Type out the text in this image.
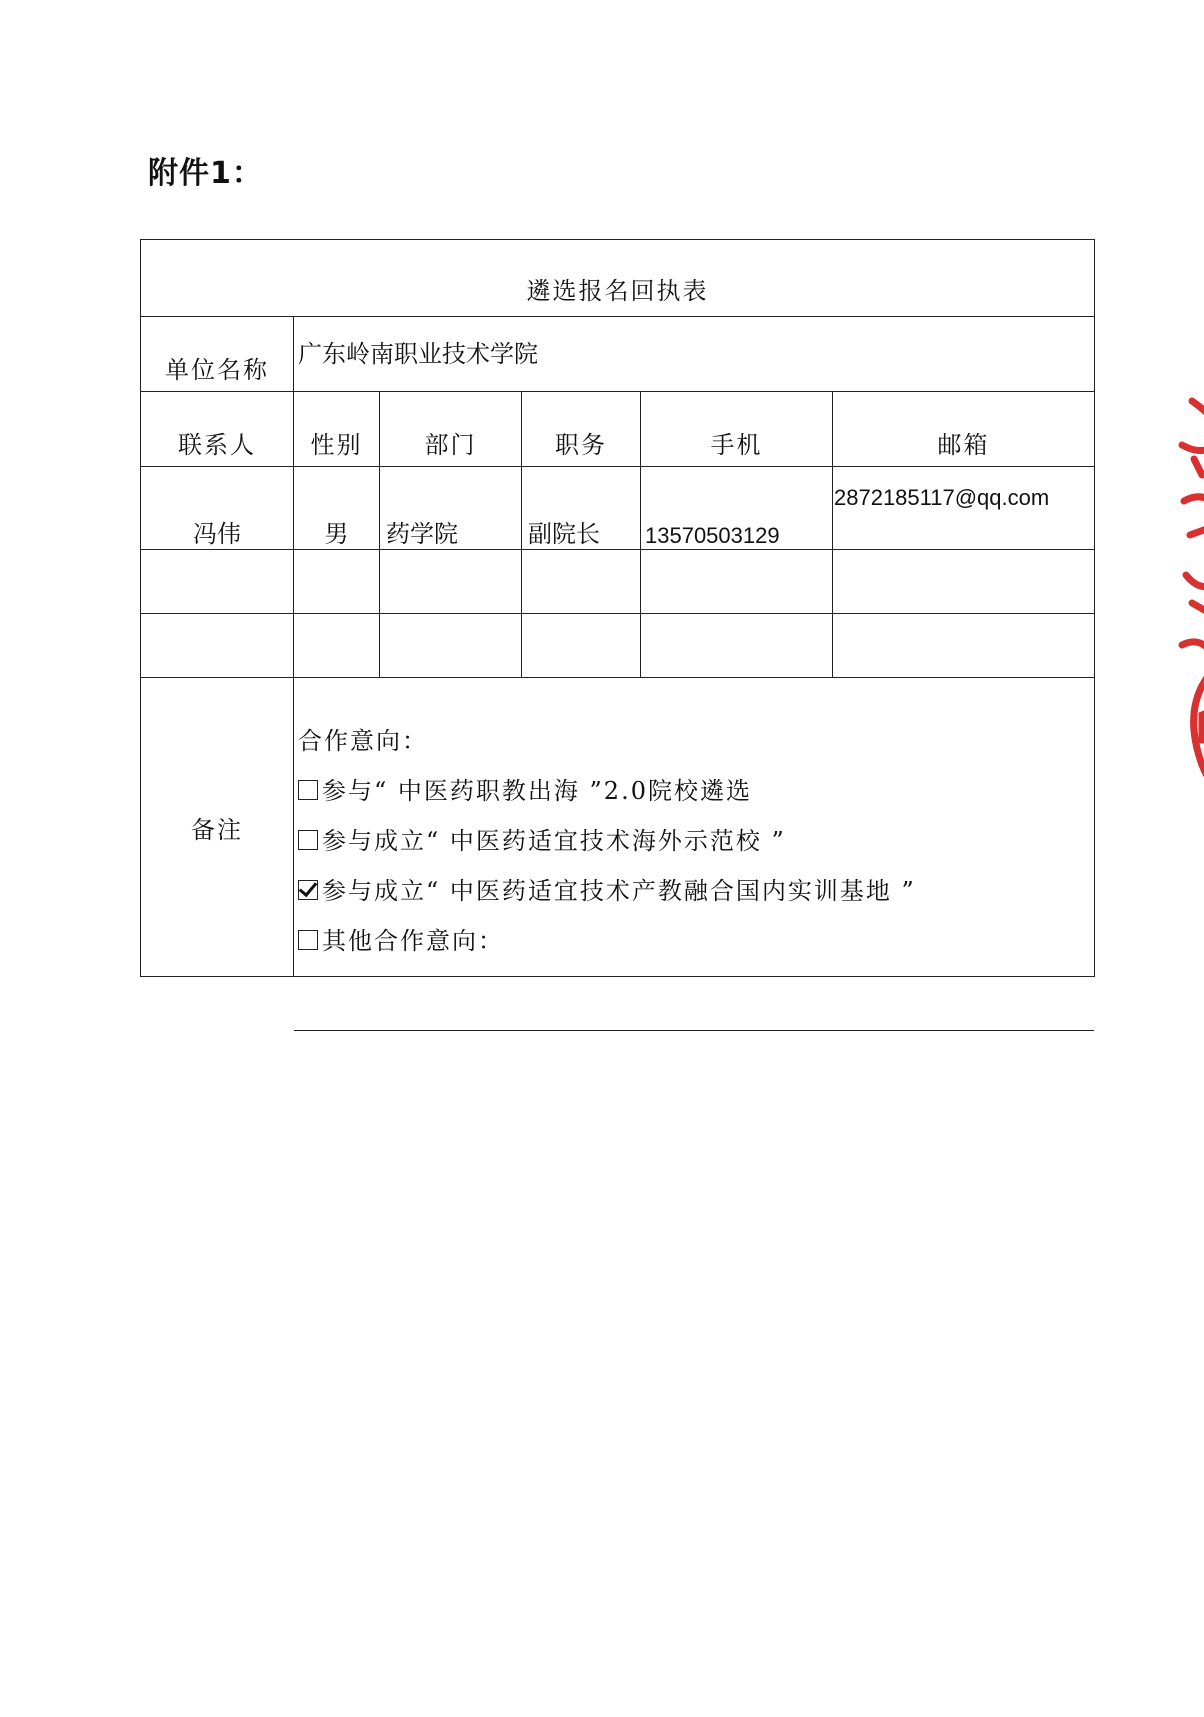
附件1：
遴选报名回执表					
单位名称	广东岭南职业技术学院				
联系人	性别	部门	职务	手机	邮箱
冯伟	男	药学院	副院长	13570503129	2872185117@qq.com

备注	合作意向：
参与“ 中医药职教出海 ”2.0院校遴选
参与成立“ 中医药适宜技术海外示范校 ”
参与成立“ 中医药适宜技术产教融合国内实训基地 ”
其他合作意向：				
